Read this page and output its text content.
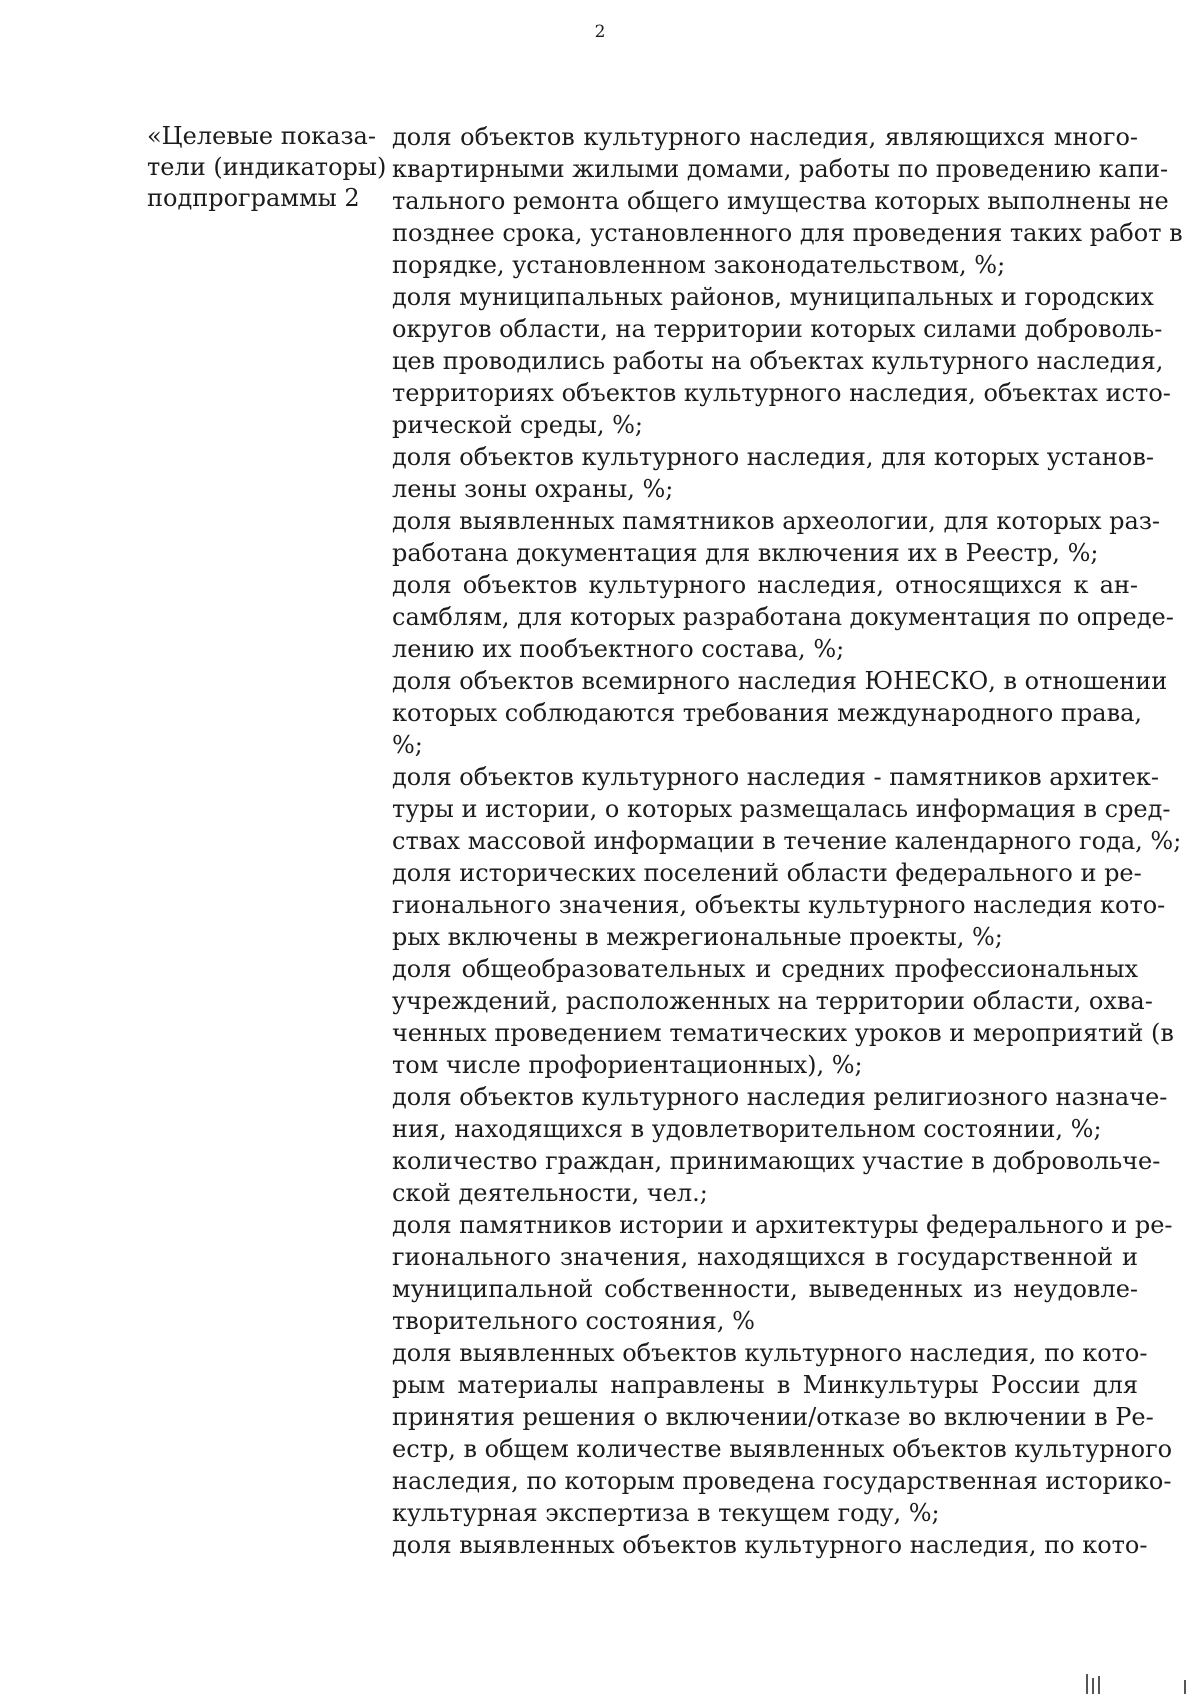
2
«Целевые показа-
тели (индикаторы)
подпрограммы 2
доля объектов культурного наследия, являющихся много-
квартирными жилыми домами, работы по проведению капи-
тального ремонта общего имущества которых выполнены не
позднее срока, установленного для проведения таких работ в
порядке, установленном законодательством, %;
доля муниципальных районов, муниципальных и городских
округов области, на территории которых силами доброволь-
цев проводились работы на объектах культурного наследия,
территориях объектов культурного наследия, объектах исто-
рической среды, %;
доля объектов культурного наследия, для которых установ-
лены зоны охраны, %;
доля выявленных памятников археологии, для которых раз-
работана документация для включения их в Реестр, %;
доля объектов культурного наследия, относящихся к ан-
самблям, для которых разработана документация по опреде-
лению их пообъектного состава, %;
доля объектов всемирного наследия ЮНЕСКО, в отношении
которых соблюдаются требования международного права,
%;
доля объектов культурного наследия - памятников архитек-
туры и истории, о которых размещалась информация в сред-
ствах массовой информации в течение календарного года, %;
доля исторических поселений области федерального и ре-
гионального значения, объекты культурного наследия кото-
рых включены в межрегиональные проекты, %;
доля общеобразовательных и средних профессиональных
учреждений, расположенных на территории области, охва-
ченных проведением тематических уроков и мероприятий (в
том числе профориентационных), %;
доля объектов культурного наследия религиозного назначе-
ния, находящихся в удовлетворительном состоянии, %;
количество граждан, принимающих участие в добровольче-
ской деятельности, чел.;
доля памятников истории и архитектуры федерального и ре-
гионального значения, находящихся в государственной и
муниципальной собственности, выведенных из неудовле-
творительного состояния, %
доля выявленных объектов культурного наследия, по кото-
рым материалы направлены в Минкультуры России для
принятия решения о включении/отказе во включении в Ре-
естр, в общем количестве выявленных объектов культурного
наследия, по которым проведена государственная историко-
культурная экспертиза в текущем году, %;
доля выявленных объектов культурного наследия, по кото-
